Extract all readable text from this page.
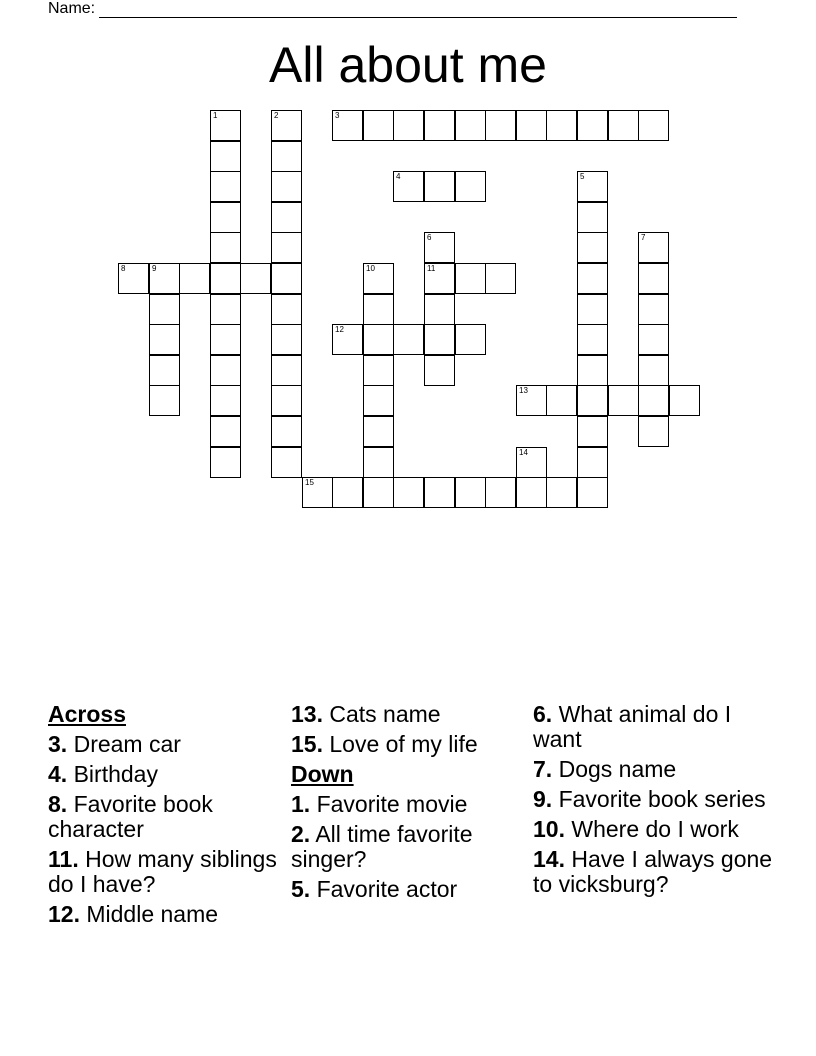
Name:
All about me
1	2	3
4	5
6
11
7
8	9	10
12
13
14
15
Across
3. Dream car
4. Birthday
8. Favorite book character
11. How many siblings do I have?
12. Middle name
13. Cats name
15. Love of my life
Down
1. Favorite movie
2. All time favorite singer?
5. Favorite actor
6. What animal do I want
7. Dogs name
9. Favorite book series
10. Where do I work
14. Have I always gone to vicksburg?
